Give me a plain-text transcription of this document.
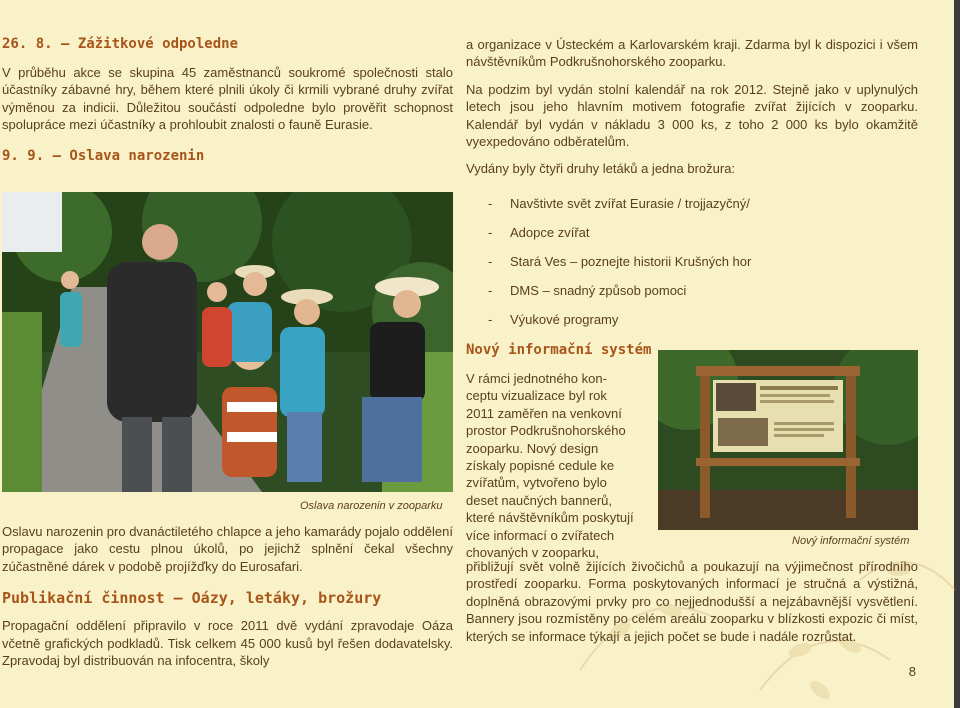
26. 8. – Zážitkové odpoledne

V průběhu akce se skupina 45 zaměstnanců soukromé společnosti stalo účastníky zábavné hry, během které plnili úkoly či krmili vybrané druhy zvířat výměnou za indicii. Důležitou součástí odpoledne bylo prověřit schopnost spolupráce mezi účastníky a prohloubit znalosti o fauně Eurasie.

9. 9. – Oslava narozenin
Oslava narozenin v zooparku

Oslavu narozenin pro dvanáctiletého chlapce a jeho kamarády pojalo oddělení propagace jako cestu plnou úkolů, po jejichž splnění čekal všechny zúčastněné dárek v podobě projížďky do Eurosafari.

Publikační činnost – Oázy, letáky, brožury

Propagační oddělení připravilo v roce 2011 dvě vydání zpravodaje Oáza včetně grafických podkladů. Tisk celkem 45 000 kusů byl řešen dodavatelsky. Zpravodaj byl distribuován na infocentra, školy

a organizace v Ústeckém a Karlovarském kraji. Zdarma byl k dispozici i všem návštěvníkům Podkrušnohorského zooparku.

Na podzim byl vydán stolní kalendář na rok 2012. Stejně jako v uplynulých letech jsou jeho hlavním motivem fotografie zvířat žijících v zooparku. Kalendář byl vydán v nákladu 3 000 ks, z toho 2 000 ks bylo okamžitě vyexpedováno odběratelům.

Vydány byly čtyři druhy letáků a jedna brožura:

- Navštivte svět zvířat Eurasie / trojjazyčný/
- Adopce zvířat
- Stará Ves – poznejte historii Krušných hor
- DMS – snadný způsob pomoci
- Výukové programy
Nový informační systém

V rámci jednotného kon-

ceptu vizualizace byl rok

2011 zaměřen na venkovní

prostor Podkrušnohorského

zooparku. Nový design

získaly popisné cedule ke

zvířatům, vytvořeno bylo

deset naučných bannerů,

které návštěvníkům poskytují

více informací o zvířatech

chovaných v zooparku,

Nový informační systém

přibližují svět volně žijících živočichů a poukazují na výjimečnost přírodního prostředí zooparku. Forma poskytovaných informací je stručná a výstižná, doplněná obrazovými prvky pro co nejjednodušší a nejzábavnější vysvětlení. Bannery jsou rozmístěny po celém areálu zooparku v blízkosti expozic či míst, kterých se informace týkají a jejich počet se bude i nadále rozrůstat.

8
